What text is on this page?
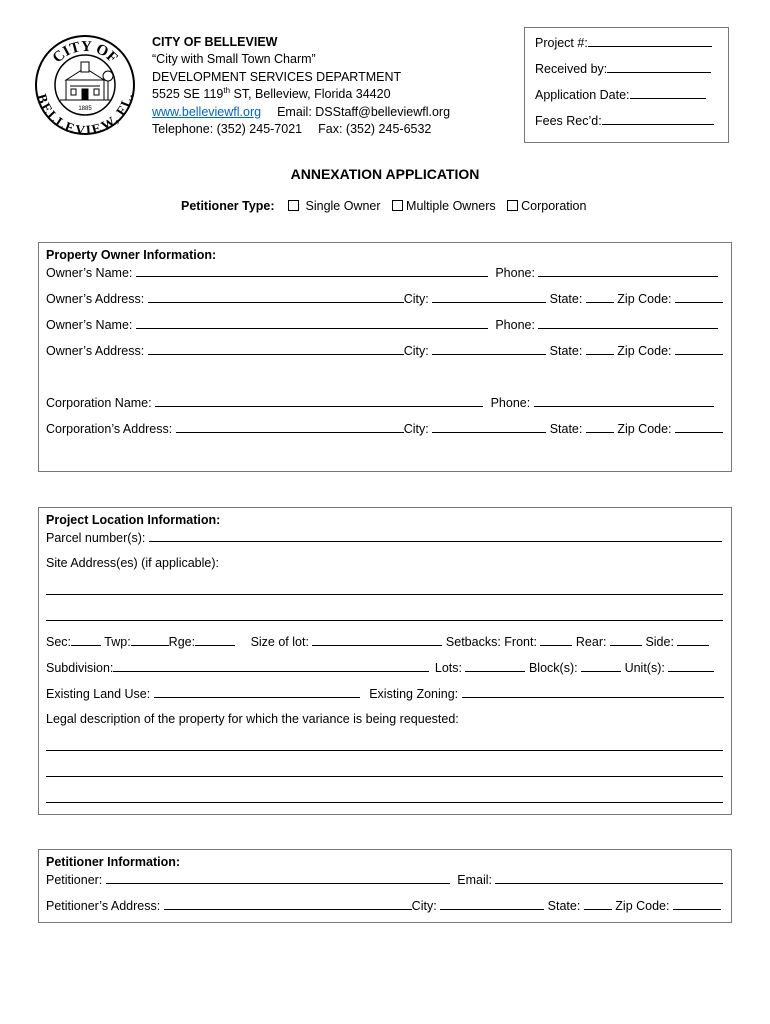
CITY OF
BELLEVIEW, FL.
1885
CITY OF BELLEVIEW
“City with Small Town Charm”
DEVELOPMENT SERVICES DEPARTMENT
5525 SE 119th ST, Belleview, Florida 34420
www.belleviewfl.org Email: DSStaff@belleviewfl.org
Telephone: (352) 245-7021 Fax: (352) 245-6532
Project #:
Received by:
Application Date:
Fees Rec’d:
ANNEXATION APPLICATION
Petitioner Type: Single Owner Multiple Owners Corporation
Property Owner Information:
Owner’s Name:	Phone:
Owner’s Address:	City:	State:	Zip Code:
Owner’s Name:	Phone:
Owner’s Address:	City:	State:	Zip Code:
Corporation Name:	Phone:
Corporation’s Address:	City:	State:	Zip Code:
Project Location Information:
Parcel number(s):
Site Address(es) (if applicable):
Sec:	Twp:	Rge:	Size of lot:	Setbacks: Front:	Rear:	Side:
Subdivision:	Lots:	Block(s):	Unit(s):
Existing Land Use:	Existing Zoning:
Legal description of the property for which the variance is being requested:
Petitioner Information:
Petitioner:	Email:
Petitioner’s Address:	City:	State:	Zip Code:
